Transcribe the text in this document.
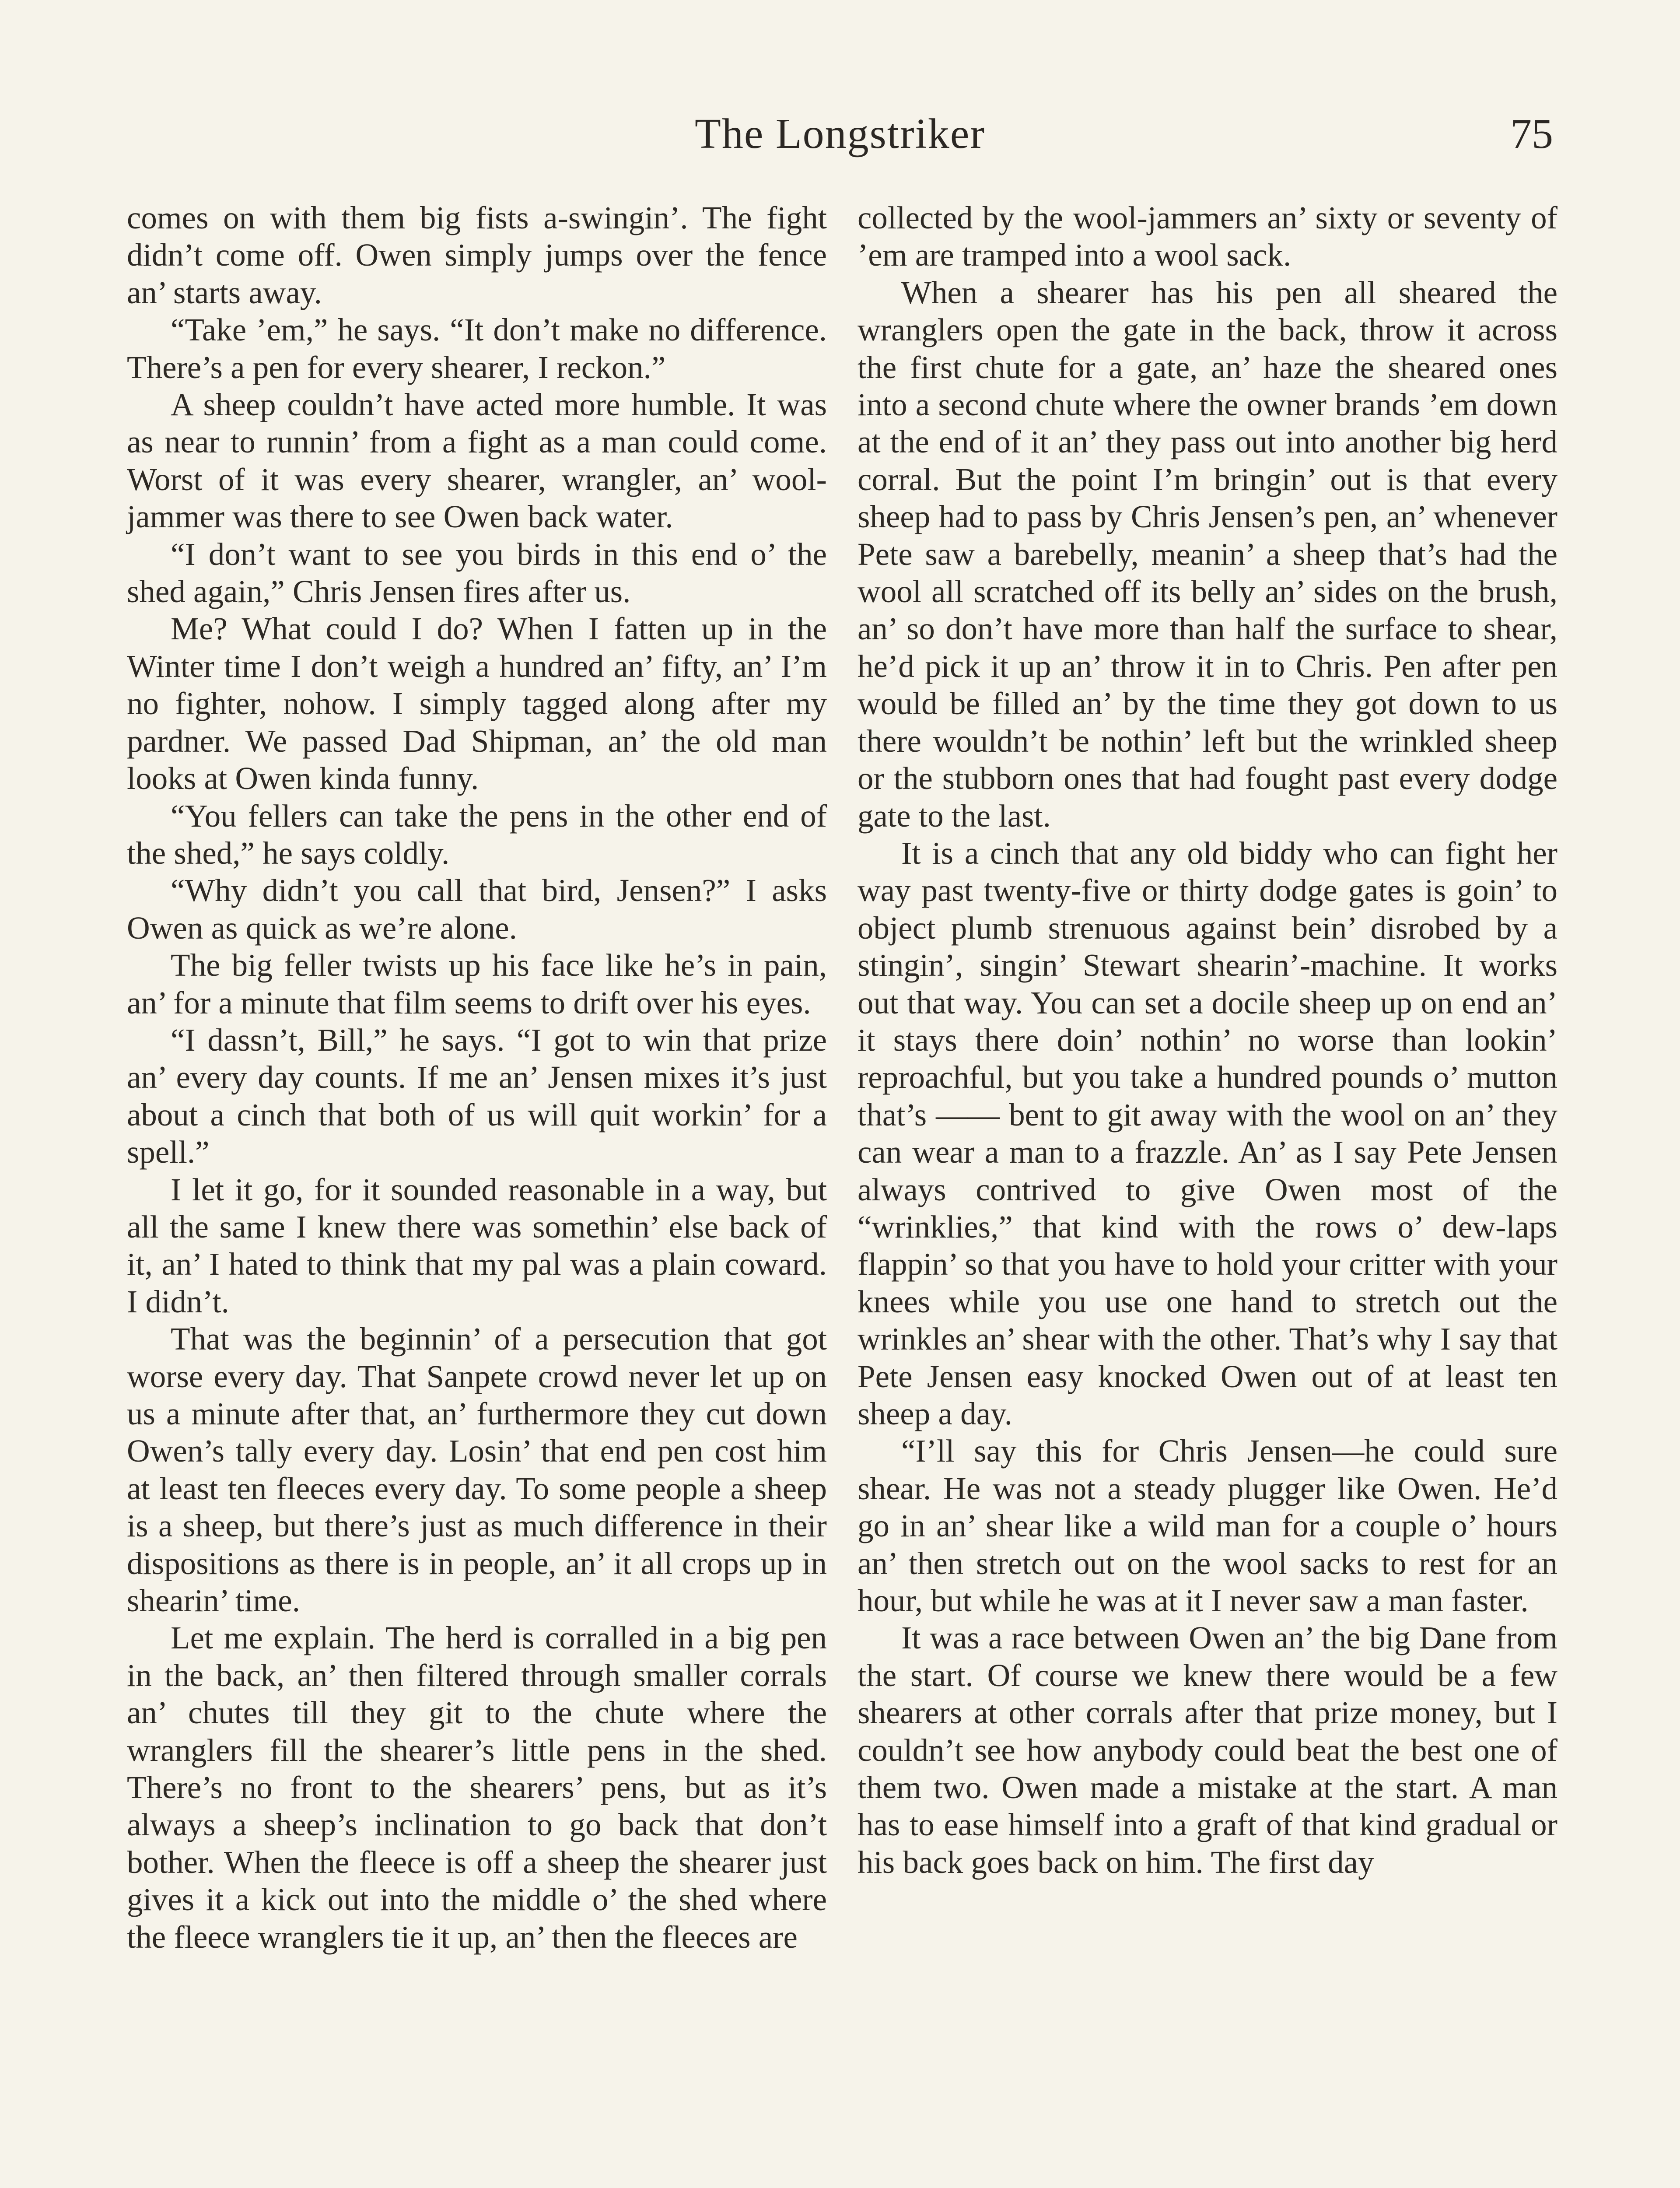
The Longstriker	75

comes on with them big fists a-swingin’. The fight didn’t come off. Owen simply jumps over the fence an’ starts away.

“Take ’em,” he says. “It don’t make no difference. There’s a pen for every shearer, I reckon.”

A sheep couldn’t have acted more humble. It was as near to runnin’ from a fight as a man could come. Worst of it was every shearer, wrangler, an’ wool-jammer was there to see Owen back water.

“I don’t want to see you birds in this end o’ the shed again,” Chris Jensen fires after us.

Me? What could I do? When I fatten up in the Winter time I don’t weigh a hundred an’ fifty, an’ I’m no fighter, nohow. I simply tagged along after my pardner. We passed Dad Shipman, an’ the old man looks at Owen kinda funny.

“You fellers can take the pens in the other end of the shed,” he says coldly.

“Why didn’t you call that bird, Jensen?” I asks Owen as quick as we’re alone.

The big feller twists up his face like he’s in pain, an’ for a minute that film seems to drift over his eyes.

“I dassn’t, Bill,” he says. “I got to win that prize an’ every day counts. If me an’ Jensen mixes it’s just about a cinch that both of us will quit workin’ for a spell.”

I let it go, for it sounded reasonable in a way, but all the same I knew there was somethin’ else back of it, an’ I hated to think that my pal was a plain coward. I didn’t.

That was the beginnin’ of a persecution that got worse every day. That Sanpete crowd never let up on us a minute after that, an’ furthermore they cut down Owen’s tally every day. Losin’ that end pen cost him at least ten fleeces every day. To some people a sheep is a sheep, but there’s just as much difference in their dispositions as there is in people, an’ it all crops up in shearin’ time.

Let me explain. The herd is corralled in a big pen in the back, an’ then filtered through smaller corrals an’ chutes till they git to the chute where the wranglers fill the shearer’s little pens in the shed. There’s no front to the shearers’ pens, but as it’s always a sheep’s inclination to go back that don’t bother. When the fleece is off a sheep the shearer just gives it a kick out into the middle o’ the shed where the fleece wranglers tie it up, an’ then the fleeces are

collected by the wool-jammers an’ sixty or seventy of ’em are tramped into a wool sack.

When a shearer has his pen all sheared the wranglers open the gate in the back, throw it across the first chute for a gate, an’ haze the sheared ones into a second chute where the owner brands ’em down at the end of it an’ they pass out into another big herd corral. But the point I’m bringin’ out is that every sheep had to pass by Chris Jensen’s pen, an’ whenever Pete saw a barebelly, meanin’ a sheep that’s had the wool all scratched off its belly an’ sides on the brush, an’ so don’t have more than half the surface to shear, he’d pick it up an’ throw it in to Chris. Pen after pen would be filled an’ by the time they got down to us there wouldn’t be nothin’ left but the wrinkled sheep or the stubborn ones that had fought past every dodge gate to the last.

It is a cinch that any old biddy who can fight her way past twenty-five or thirty dodge gates is goin’ to object plumb strenuous against bein’ disrobed by a stingin’, singin’ Stewart shearin’-machine. It works out that way. You can set a docile sheep up on end an’ it stays there doin’ nothin’ no worse than lookin’ reproachful, but you take a hundred pounds o’ mutton that’s —— bent to git away with the wool on an’ they can wear a man to a frazzle. An’ as I say Pete Jensen always contrived to give Owen most of the “wrinklies,” that kind with the rows o’ dew-laps flappin’ so that you have to hold your critter with your knees while you use one hand to stretch out the wrinkles an’ shear with the other. That’s why I say that Pete Jensen easy knocked Owen out of at least ten sheep a day.

“I’ll say this for Chris Jensen—he could sure shear. He was not a steady plugger like Owen. He’d go in an’ shear like a wild man for a couple o’ hours an’ then stretch out on the wool sacks to rest for an hour, but while he was at it I never saw a man faster.

It was a race between Owen an’ the big Dane from the start. Of course we knew there would be a few shearers at other corrals after that prize money, but I couldn’t see how anybody could beat the best one of them two. Owen made a mistake at the start. A man has to ease himself into a graft of that kind gradual or his back goes back on him. The first day
